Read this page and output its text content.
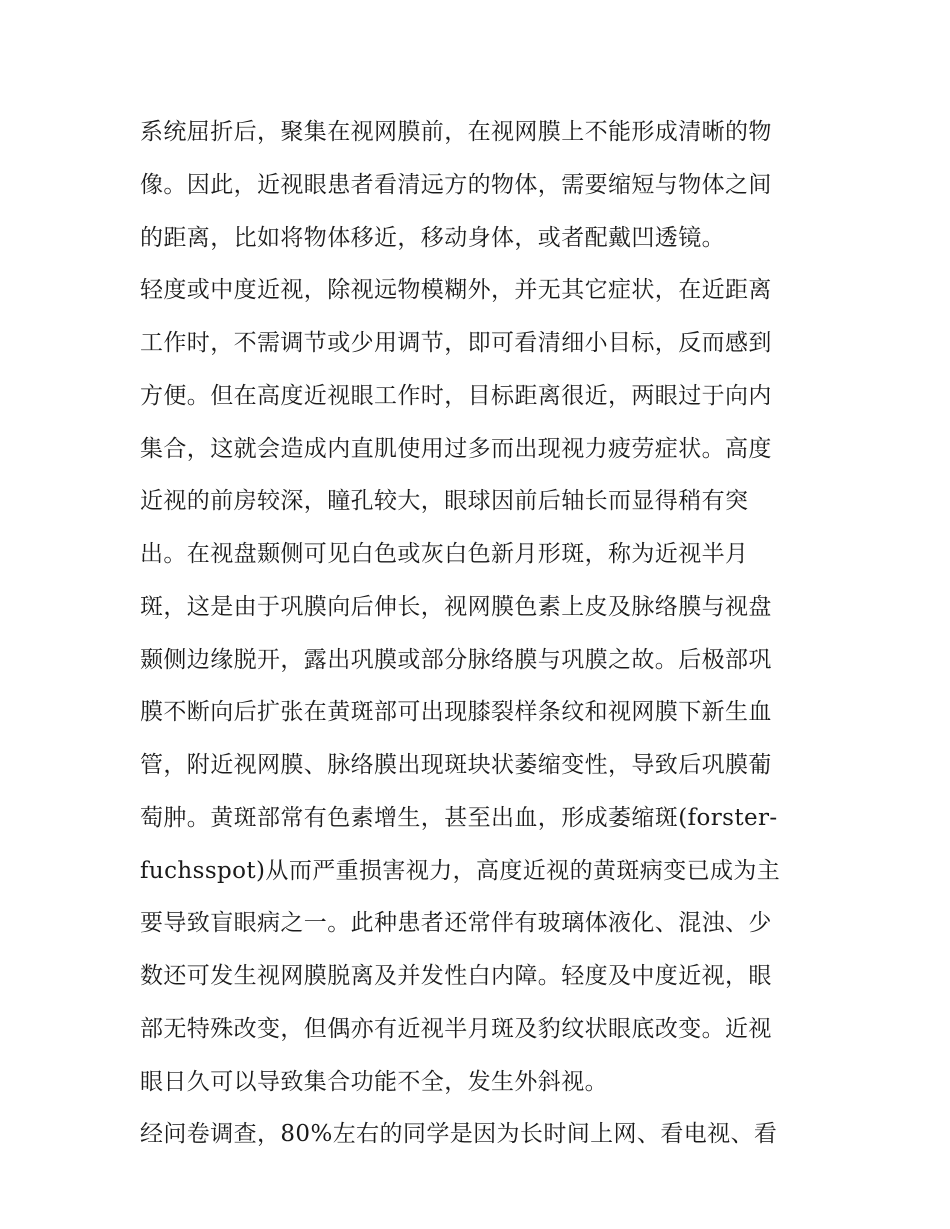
系统屈折后，聚集在视网膜前，在视网膜上不能形成清晰的物
像。因此，近视眼患者看清远方的物体，需要缩短与物体之间
的距离，比如将物体移近，移动身体，或者配戴凹透镜。
轻度或中度近视，除视远物模糊外，并无其它症状，在近距离
工作时，不需调节或少用调节，即可看清细小目标，反而感到
方便。但在高度近视眼工作时，目标距离很近，两眼过于向内
集合，这就会造成内直肌使用过多而出现视力疲劳症状。高度
近视的前房较深，瞳孔较大，眼球因前后轴长而显得稍有突
出。在视盘颞侧可见白色或灰白色新月形斑，称为近视半月
斑，这是由于巩膜向后伸长，视网膜色素上皮及脉络膜与视盘
颞侧边缘脱开，露出巩膜或部分脉络膜与巩膜之故。后极部巩
膜不断向后扩张在黄斑部可出现膝裂样条纹和视网膜下新生血
管，附近视网膜、脉络膜出现斑块状萎缩变性，导致后巩膜葡
萄肿。黄斑部常有色素增生，甚至出血，形成萎缩斑(forster-
fuchsspot)从而严重损害视力，高度近视的黄斑病变已成为主
要导致盲眼病之一。此种患者还常伴有玻璃体液化、混浊、少
数还可发生视网膜脱离及并发性白内障。轻度及中度近视，眼
部无特殊改变，但偶亦有近视半月斑及豹纹状眼底改变。近视
眼日久可以导致集合功能不全，发生外斜视。
经问卷调查，80%左右的同学是因为长时间上网、看电视、看
